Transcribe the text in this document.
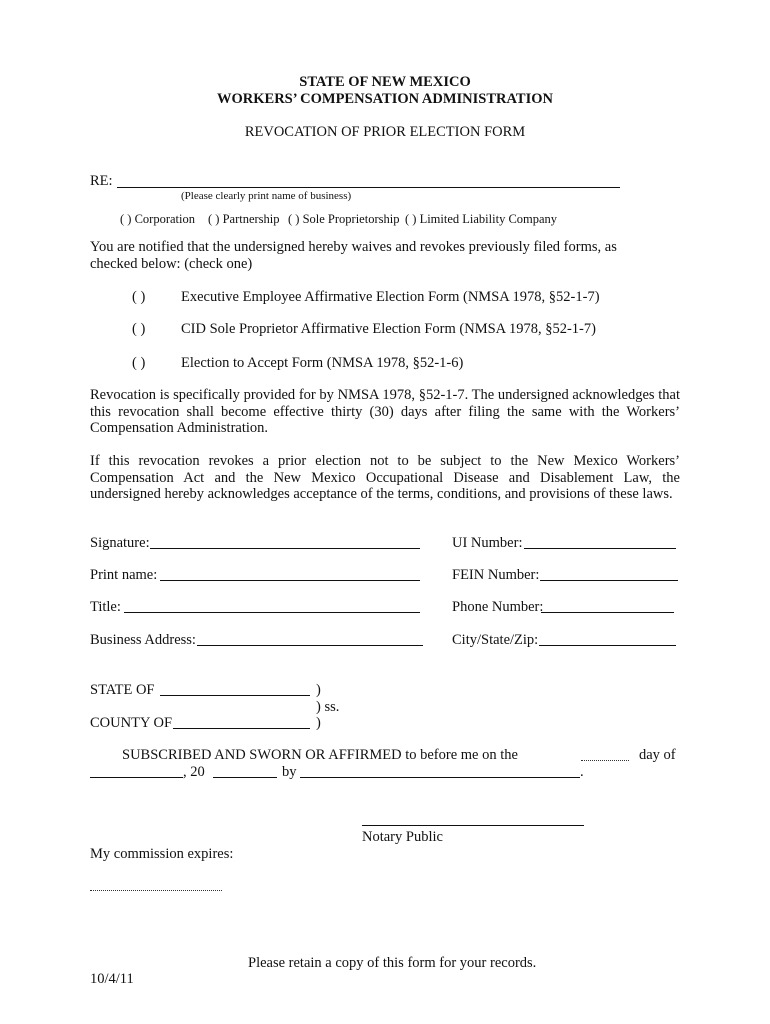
STATE OF NEW MEXICO
WORKERS’ COMPENSATION ADMINISTRATION
REVOCATION OF PRIOR ELECTION FORM
RE:
(Please clearly print name of business)
( ) Corporation ( ) Partnership ( ) Sole Proprietorship ( ) Limited Liability Company
You are notified that the undersigned hereby waives and revokes previously filed forms, as checked below: (check one)
( ) Executive Employee Affirmative Election Form (NMSA 1978, §52-1-7)
( ) CID Sole Proprietor Affirmative Election Form (NMSA 1978, §52-1-7)
( ) Election to Accept Form (NMSA 1978, §52-1-6)
Revocation is specifically provided for by NMSA 1978, §52-1-7. The undersigned acknowledges that this revocation shall become effective thirty (30) days after filing the same with the Workers’ Compensation Administration.
If this revocation revokes a prior election not to be subject to the New Mexico Workers’ Compensation Act and the New Mexico Occupational Disease and Disablement Law, the undersigned hereby acknowledges acceptance of the terms, conditions, and provisions of these laws.
Signature:	UI Number:
Print name:	FEIN Number:
Title:	Phone Number:
Business Address:	City/State/Zip:
STATE OF	)
) ss.
COUNTY OF	)
SUBSCRIBED AND SWORN OR AFFIRMED to before me on the	day of
, 20	by	.
Notary Public
My commission expires:
Please retain a copy of this form for your records.
10/4/11
